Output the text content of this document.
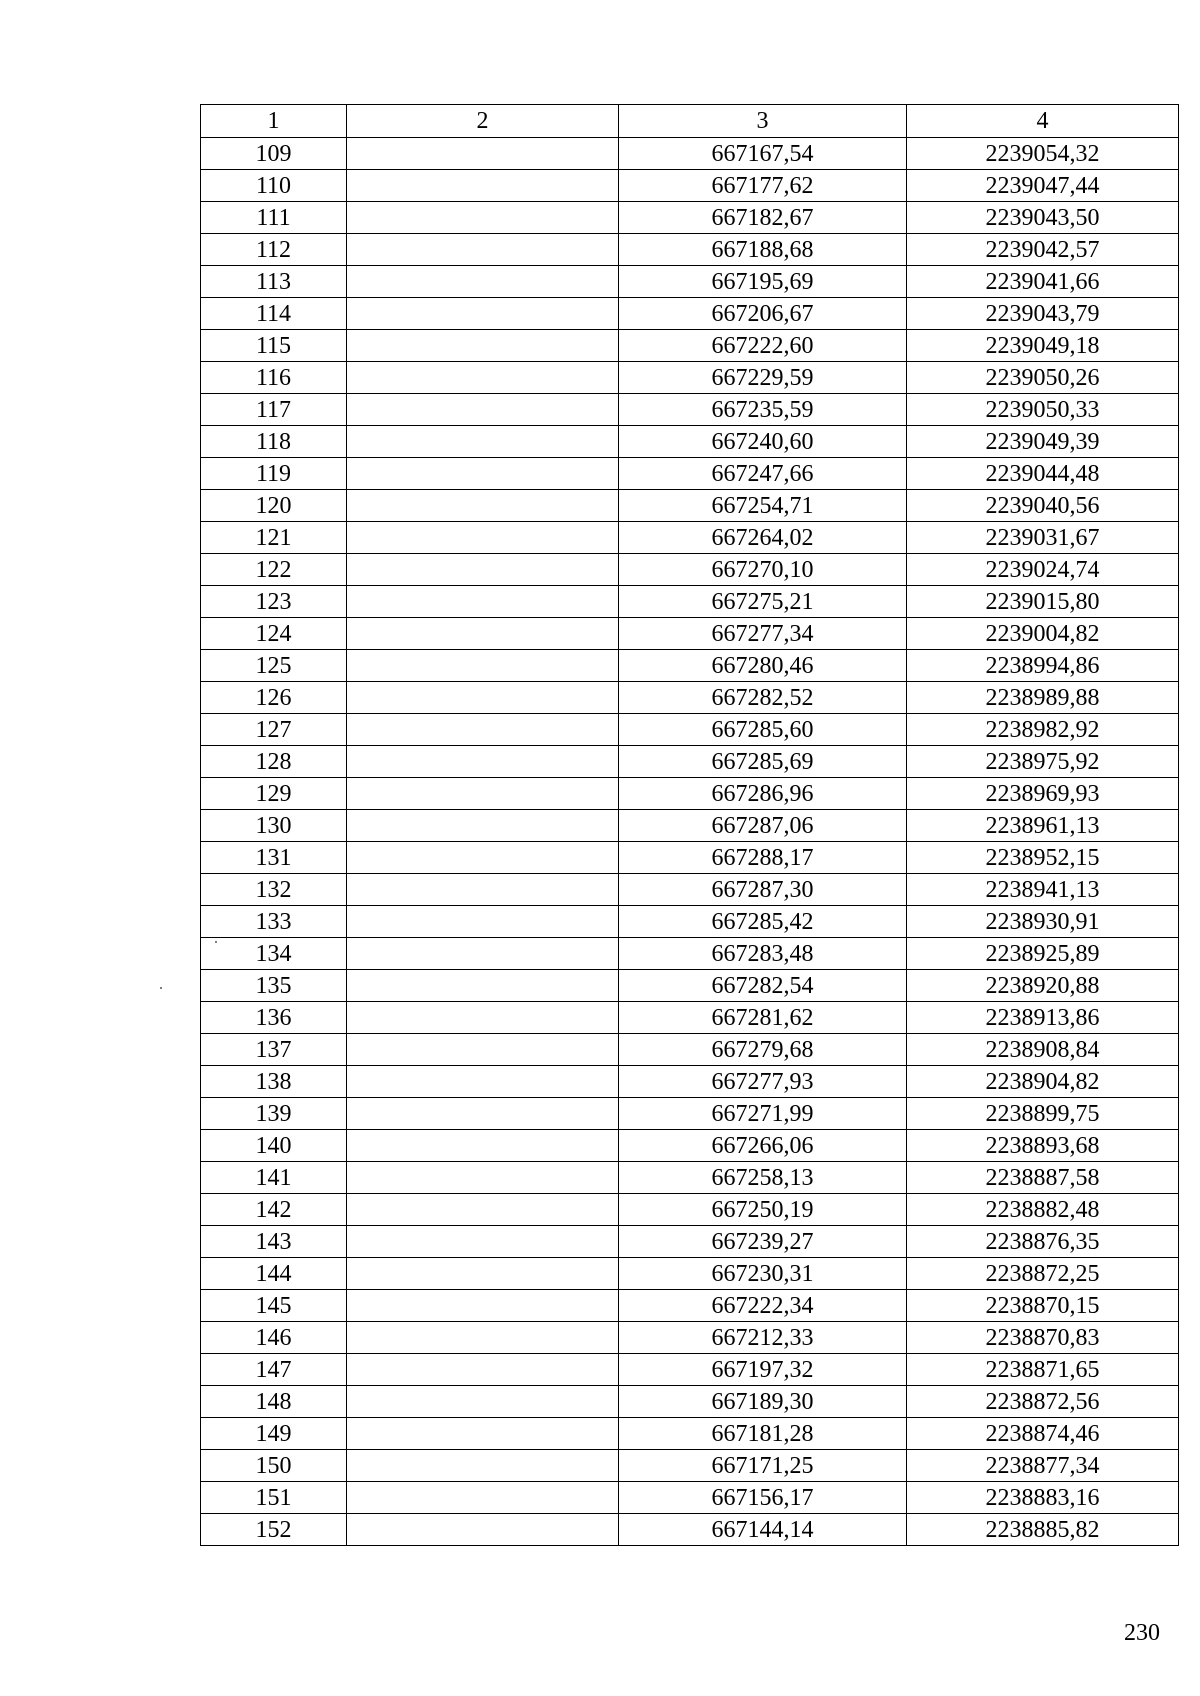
1	2	3	4
109		667167,54	2239054,32
110		667177,62	2239047,44
111		667182,67	2239043,50
112		667188,68	2239042,57
113		667195,69	2239041,66
114		667206,67	2239043,79
115		667222,60	2239049,18
116		667229,59	2239050,26
117		667235,59	2239050,33
118		667240,60	2239049,39
119		667247,66	2239044,48
120		667254,71	2239040,56
121		667264,02	2239031,67
122		667270,10	2239024,74
123		667275,21	2239015,80
124		667277,34	2239004,82
125		667280,46	2238994,86
126		667282,52	2238989,88
127		667285,60	2238982,92
128		667285,69	2238975,92
129		667286,96	2238969,93
130		667287,06	2238961,13
131		667288,17	2238952,15
132		667287,30	2238941,13
133		667285,42	2238930,91
134		667283,48	2238925,89
135		667282,54	2238920,88
136		667281,62	2238913,86
137		667279,68	2238908,84
138		667277,93	2238904,82
139		667271,99	2238899,75
140		667266,06	2238893,68
141		667258,13	2238887,58
142		667250,19	2238882,48
143		667239,27	2238876,35
144		667230,31	2238872,25
145		667222,34	2238870,15
146		667212,33	2238870,83
147		667197,32	2238871,65
148		667189,30	2238872,56
149		667181,28	2238874,46
150		667171,25	2238877,34
151		667156,17	2238883,16
152		667144,14	2238885,82
230
